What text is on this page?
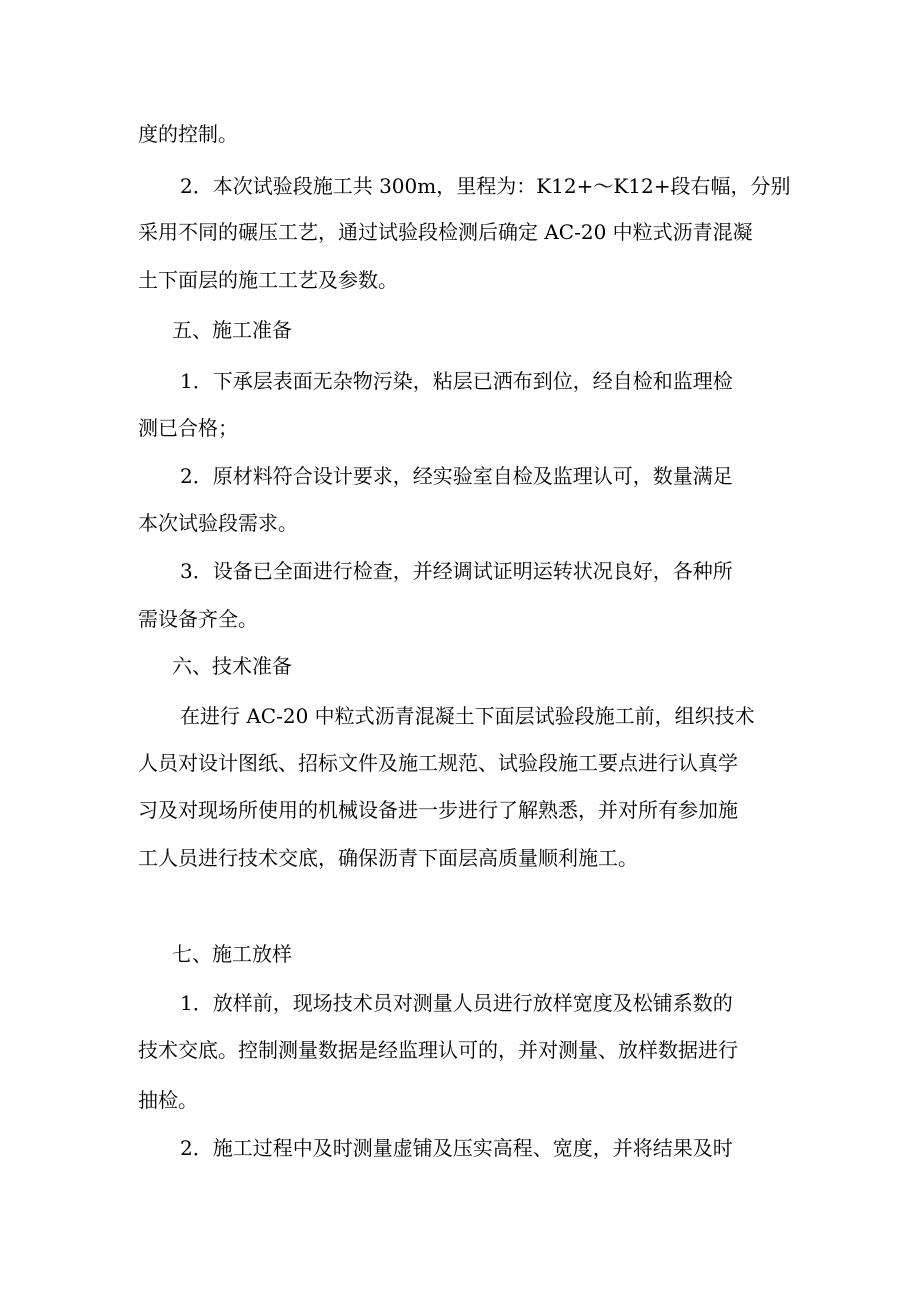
度的控制。
2．本次试验段施工共 300m，里程为：K12+～K12+段右幅，分别
采用不同的碾压工艺，通过试验段检测后确定 AC-20 中粒式沥青混凝
土下面层的施工工艺及参数。
五、施工准备
1．下承层表面无杂物污染，粘层已洒布到位，经自检和监理检
测已合格；
2．原材料符合设计要求，经实验室自检及监理认可，数量满足
本次试验段需求。
3．设备已全面进行检查，并经调试证明运转状况良好，各种所
需设备齐全。
六、技术准备
在进行 AC-20 中粒式沥青混凝土下面层试验段施工前，组织技术
人员对设计图纸、招标文件及施工规范、试验段施工要点进行认真学
习及对现场所使用的机械设备进一步进行了解熟悉，并对所有参加施
工人员进行技术交底，确保沥青下面层高质量顺利施工。
七、施工放样
1．放样前，现场技术员对测量人员进行放样宽度及松铺系数的
技术交底。控制测量数据是经监理认可的，并对测量、放样数据进行
抽检。
2．施工过程中及时测量虚铺及压实高程、宽度，并将结果及时
